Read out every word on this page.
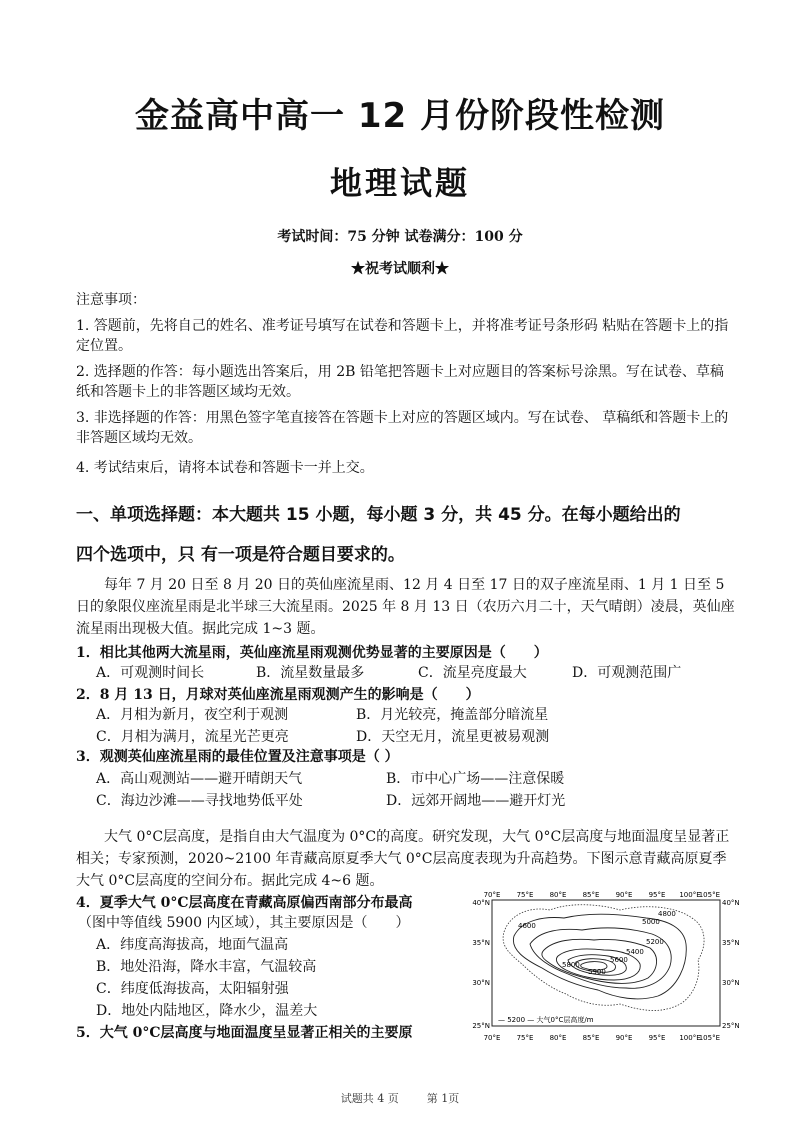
金益高中高一 12 月份阶段性检测
地理试题
考试时间：75 分钟 试卷满分：100 分
★祝考试顺利★
注意事项：
1. 答题前，先将自己的姓名、准考证号填写在试卷和答题卡上，并将准考证号条形码 粘贴在答题卡上的指定位置。
2. 选择题的作答：每小题选出答案后，用 2B 铅笔把答题卡上对应题目的答案标号涂黑。写在试卷、草稿纸和答题卡上的非答题区域均无效。
3. 非选择题的作答：用黑色签字笔直接答在答题卡上对应的答题区域内。写在试卷、 草稿纸和答题卡上的非答题区域均无效。
4. 考试结束后，请将本试卷和答题卡一并上交。
一、单项选择题：本大题共 15 小题，每小题 3 分，共 45 分。在每小题给出的
四个选项中，只 有一项是符合题目要求的。
每年 7 月 20 日至 8 月 20 日的英仙座流星雨、12 月 4 日至 17 日的双子座流星雨、1 月 1 日至 5 日的象限仪座流星雨是北半球三大流星雨。2025 年 8 月 13 日（农历六月二十，天气晴朗）凌晨，英仙座流星雨出现极大值。据此完成 1~3 题。
1．相比其他两大流星雨，英仙座流星雨观测优势显著的主要原因是（　　）
A．可观测时间长	B．流星数量最多	C．流星亮度最大	D．可观测范围广
2．8 月 13 日，月球对英仙座流星雨观测产生的影响是（　　）
A．月相为新月，夜空利于观测	B．月光较亮，掩盖部分暗流星
C．月相为满月，流星光芒更亮	D．天空无月，流星更被易观测
3．观测英仙座流星雨的最佳位置及注意事项是（ ）
A．高山观测站——避开晴朗天气	B．市中心广场——注意保暖
C．海边沙滩——寻找地势低平处	D．远郊开阔地——避开灯光
大气 0°C层高度，是指自由大气温度为 0°C的高度。研究发现，大气 0°C层高度与地面温度呈显著正相关；专家预测，2020~2100 年青藏高原夏季大气 0°C层高度表现为升高趋势。下图示意青藏高原夏季大气 0°C层高度的空间分布。据此完成 4~6 题。
4．夏季大气 0°C层高度在青藏高原偏西南部分布最高
（图中等值线 5900 内区域），其主要原因是（　　）
A．纬度高海拔高，地面气温高
B．地处沿海，降水丰富，气温较高
C．纬度低海拔高，太阳辐射强
D．地处内陆地区，降水少，温差大
5．大气 0°C层高度与地面温度呈显著正相关的主要原
70°E 75°E 80°E 85°E 90°E 95°E 100°E
105°E
70°E 75°E 80°E 85°E 90°E 95°E 100°E
105°E
40°N
35°N
30°N
25°N
40°N
35°N
30°N
25°N
4600	5000
4800
5200
5400
5600
5800
5900
— 5200 — 大气0°C层高度/m
试题共 4 页	第 1页
